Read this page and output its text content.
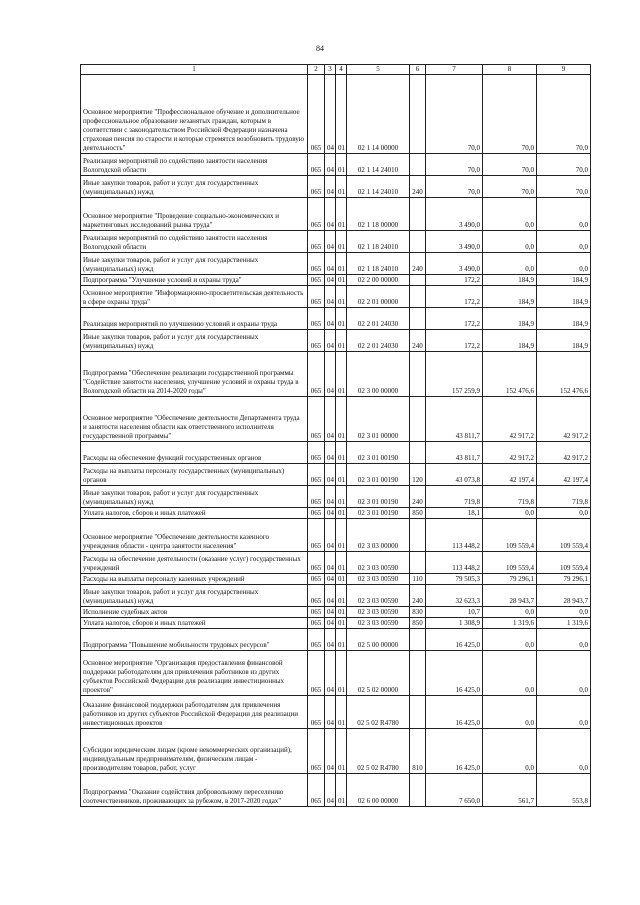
84
1	2	3	4	5	6	7	8	9
Основное мероприятие "Профессиональное обучение и дополнительное профессиональное образование незанятых граждан, которым в соответствии с законодательством Российской Федерации назначена страховая пенсия по старости и которые стремятся возобновить трудовую деятельность"	065	04	01	02 1 14 00000		70,0	70,0	70,0
Реализация мероприятий по содействию занятости населения Вологодской области	065	04	01	02 1 14 24010		70,0	70,0	70,0
Иные закупки товаров, работ и услуг для государственных (муниципальных) нужд	065	04	01	02 1 14 24010	240	70,0	70,0	70,0
Основное мероприятие "Проведение социально-экономических и маркетинговых исследований рынка труда"	065	04	01	02 1 18 00000		3 490,0	0,0	0,0
Реализация мероприятий по содействию занятости населения Вологодской области	065	04	01	02 1 18 24010		3 490,0	0,0	0,0
Иные закупки товаров, работ и услуг для государственных (муниципальных) нужд	065	04	01	02 1 18 24010	240	3 490,0	0,0	0,0
Подпрограмма "Улучшение условий и охраны труда"	065	04	01	02 2 00 00000		172,2	184,9	184,9
Основное мероприятие "Информационно-просветительская деятельность в сфере охраны труда"	065	04	01	02 2 01 00000		172,2	184,9	184,9
Реализация мероприятий по улучшению условий и охраны труда	065	04	01	02 2 01 24030		172,2	184,9	184,9
Иные закупки товаров, работ и услуг для государственных (муниципальных) нужд	065	04	01	02 2 01 24030	240	172,2	184,9	184,9
Подпрограмма "Обеспечение реализации государственной программы "Содействие занятости населения, улучшение условий и охраны труда в Вологодской области на 2014-2020 годы"	065	04	01	02 3 00 00000		157 259,9	152 476,6	152 476,6
Основное мероприятие "Обеспечение деятельности Департамента труда и занятости населения области как ответственного исполнителя государственной программы"	065	04	01	02 3 01 00000		43 811,7	42 917,2	42 917,2
Расходы на обеспечение функций государственных органов	065	04	01	02 3 01 00190		43 811,7	42 917,2	42 917,2
Расходы на выплаты персоналу государственных (муниципальных) органов	065	04	01	02 3 01 00190	120	43 073,8	42 197,4	42 197,4
Иные закупки товаров, работ и услуг для государственных (муниципальных) нужд	065	04	01	02 3 01 00190	240	719,8	719,8	719,8
Уплата налогов, сборов и иных платежей	065	04	01	02 3 01 00190	850	18,1	0,0	0,0
Основное мероприятие "Обеспечение деятельности казенного учреждения области - центра занятости населения"	065	04	01	02 3 03 00000		113 448,2	109 559,4	109 559,4
Расходы на обеспечение деятельности (оказание услуг) государственных учреждений	065	04	01	02 3 03 00590		113 448,2	109 559,4	109 559,4
Расходы на выплаты персоналу казенных учреждений	065	04	01	02 3 03 00590	110	79 505,3	79 296,1	79 296,1
Иные закупки товаров, работ и услуг для государственных (муниципальных) нужд	065	04	01	02 3 03 00590	240	32 623,3	28 943,7	28 943,7
Исполнение судебных актов	065	04	01	02 3 03 00590	830	10,7	0,0	0,0
Уплата налогов, сборов и иных платежей	065	04	01	02 3 03 00590	850	1 308,9	1 319,6	1 319,6
Подпрограмма "Повышение мобильности трудовых ресурсов"	065	04	01	02 5 00 00000		16 425,0	0,0	0,0
Основное мероприятие "Организация предоставления финансовой поддержки работодателям для привлечения работников из других субъектов Российской Федерации для реализации инвестиционных проектов"	065	04	01	02 5 02 00000		16 425,0	0,0	0,0
Оказание финансовой поддержки работодателям для привлечения работников из других субъектов Российской Федерации для реализации инвестиционных проектов	065	04	01	02 5 02 R4780		16 425,0	0,0	0,0
Субсидии юридическим лицам (кроме некоммерческих организаций), индивидуальным предпринимателям, физическим лицам - производителям товаров, работ, услуг	065	04	01	02 5 02 R4780	810	16 425,0	0,0	0,0
Подпрограмма "Оказание содействия добровольному переселению соотечественников, проживающих за рубежом, в 2017-2020 годах"	065	04	01	02 6 00 00000		7 650,0	561,7	553,8
